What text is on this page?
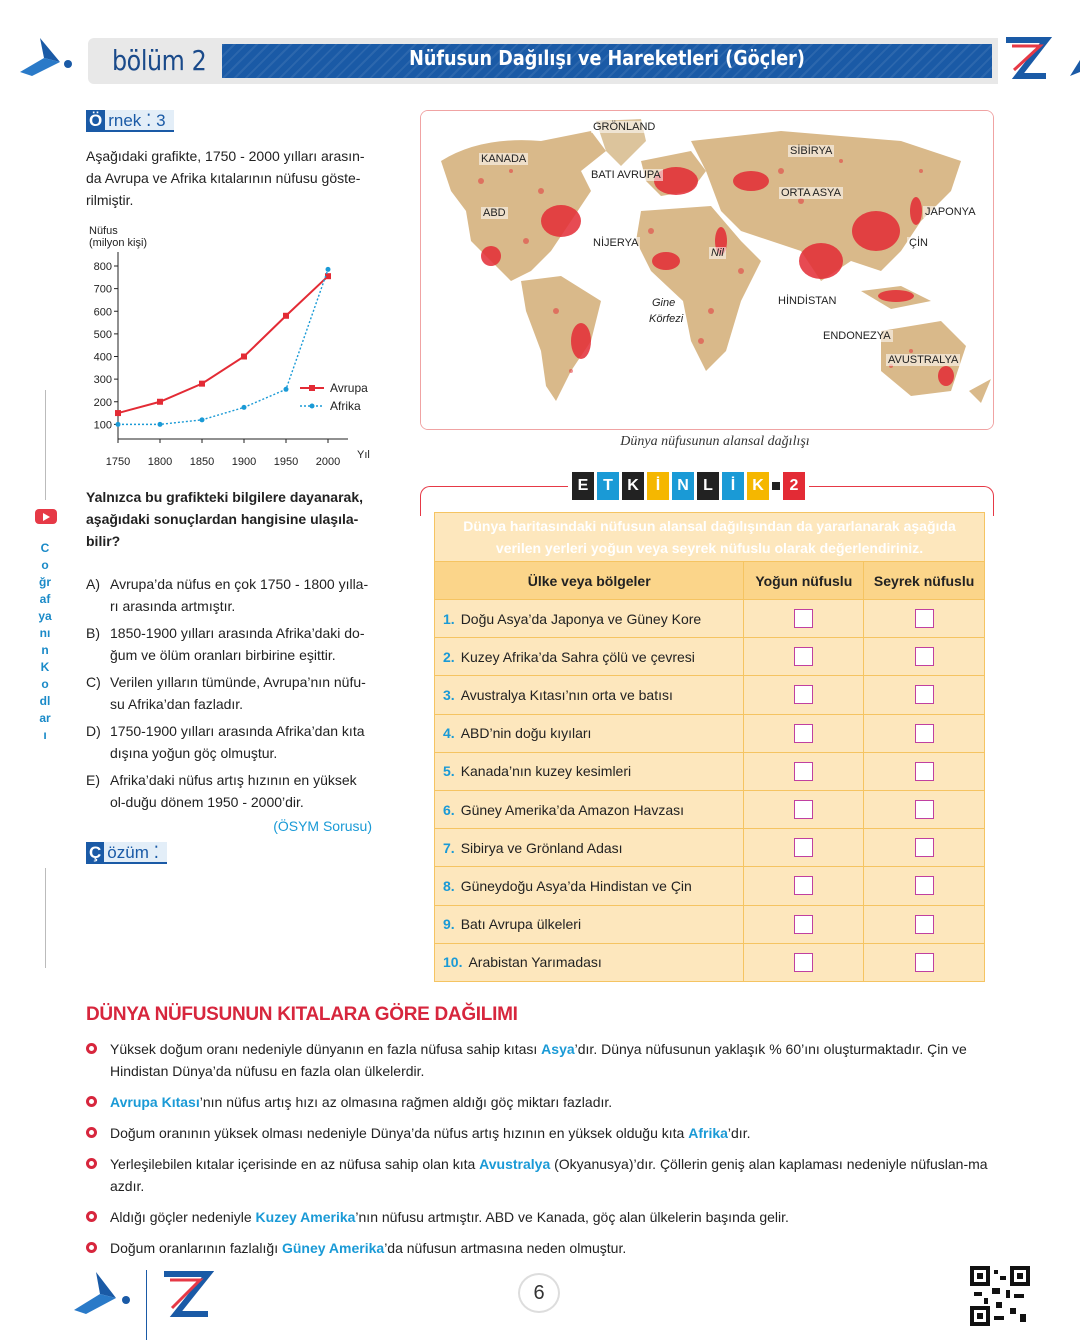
bölüm 2	Nüfusun Dağılışı ve Hareketleri (Göçler)
Coğrafyanın Kodları
Ö rnek ⁚ 3
Aşağıdaki grafikte, 1750 - 2000 yılları arasın-da Avrupa ve Afrika kıtalarının nüfusu göste-rilmiştir.
Nüfus
(milyon kişi)
Yıl
100
200
300
400
500
600
700
800
1750 1800 1850 1900 1950 2000
Avrupa
Afrika
Yalnızca bu grafikteki bilgilere dayanarak, aşağıdaki sonuçlardan hangisine ulaşıla-bilir?
A) Avrupa’da nüfus en çok 1750 - 1800 yılla-rı arasında artmıştır.
B) 1850-1900 yılları arasında Afrika’daki do-ğum ve ölüm oranları birbirine eşittir.
C) Verilen yılların tümünde, Avrupa’nın nüfu-su Afrika’dan fazladır.
D) 1750-1900 yılları arasında Afrika’dan kıta dışına yoğun göç olmuştur.
E) Afrika’daki nüfus artış hızının en yüksek ol-duğu dönem 1950 - 2000’dir.
(ÖSYM Sorusu)
Ç özüm ⁚
GRÖNLAND
KANADA
BATI AVRUPA
SİBİRYA
ORTA ASYA
ABD	JAPONYA
NİJERYA
Nil
ÇİN
Gine
Körfezi
HİNDİSTAN
ENDONEZYA
AVUSTRALYA
Dünya nüfusunun alansal dağılışı
E T K	İ	N L	İ	K	2
Dünya haritasındaki nüfusun alansal dağılışından da yararlanarak aşağıda verilen yerleri yoğun veya seyrek nüfuslu olarak değerlendiriniz.		
Ülke veya bölgeler	Yoğun nüfuslu	Seyrek nüfuslu
1. Doğu Asya’da Japonya ve Güney Kore	

2. Kuzey Afrika’da Sahra çölü ve çevresi	

3. Avustralya Kıtası’nın orta ve batısı	

4. ABD’nin doğu kıyıları	

5. Kanada’nın kuzey kesimleri	

6. Güney Amerika’da Amazon Havzası	

7. Sibirya ve Grönland Adası	

8. Güneydoğu Asya’da Hindistan ve Çin	

9. Batı Avrupa ülkeleri	

10. Arabistan Yarımadası	

DÜNYA NÜFUSUNUN KITALARA GÖRE DAĞILIMI
Yüksek doğum oranı nedeniyle dünyanın en fazla nüfusa sahip kıtası Asya’dır. Dünya nüfusunun yaklaşık % 60’ını oluşturmaktadır. Çin ve Hindistan Dünya’da nüfusu en fazla olan ülkelerdir.
Avrupa Kıtası’nın nüfus artış hızı az olmasına rağmen aldığı göç miktarı fazladır.
Doğum oranının yüksek olması nedeniyle Dünya’da nüfus artış hızının en yüksek olduğu kıta Afrika’dır.
Yerleşilebilen kıtalar içerisinde en az nüfusa sahip olan kıta Avustralya (Okyanusya)’dır. Çöllerin geniş alan kaplaması nedeniyle nüfuslan-ma azdır.
Aldığı göçler nedeniyle Kuzey Amerika’nın nüfusu artmıştır. ABD ve Kanada, göç alan ülkelerin başında gelir.
Doğum oranlarının fazlalığı Güney Amerika’da nüfusun artmasına neden olmuştur.
6
